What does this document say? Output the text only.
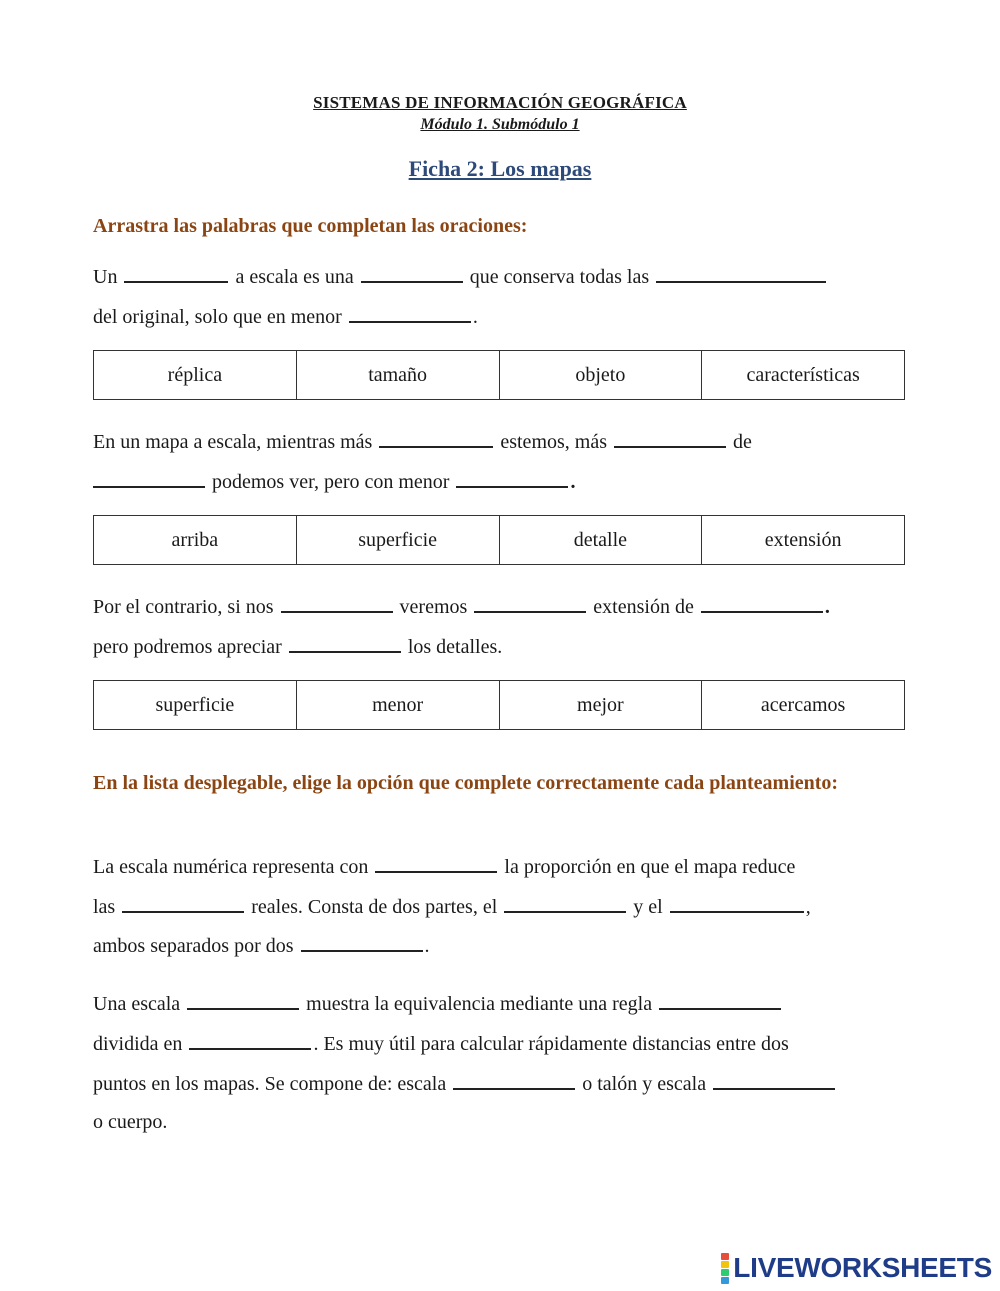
SISTEMAS DE INFORMACIÓN GEOGRÁFICA
Módulo 1. Submódulo 1
Ficha 2: Los mapas
Arrastra las palabras que completan las oraciones:
Un	a escala es una	que conserva todas las
del original, solo que en menor	.
réplica	tamaño	objeto	características
En un mapa a escala, mientras más	estemos, más	de
podemos ver, pero con menor	.
arriba	superficie	detalle	extensión
Por el contrario, si nos	veremos	extensión de	.
pero podremos apreciar	los detalles.
superficie	menor	mejor	acercamos
En la lista desplegable, elige la opción que complete correctamente cada planteamiento:
La escala numérica representa con	la proporción en que el mapa reduce
las	reales. Consta de dos partes, el	y el	,
ambos separados por dos	.
Una escala	muestra la equivalencia mediante una regla
dividida en	. Es muy útil para calcular rápidamente distancias entre dos
puntos en los mapas. Se compone de: escala	o talón y escala
o cuerpo.
LIVEWORKSHEETS
